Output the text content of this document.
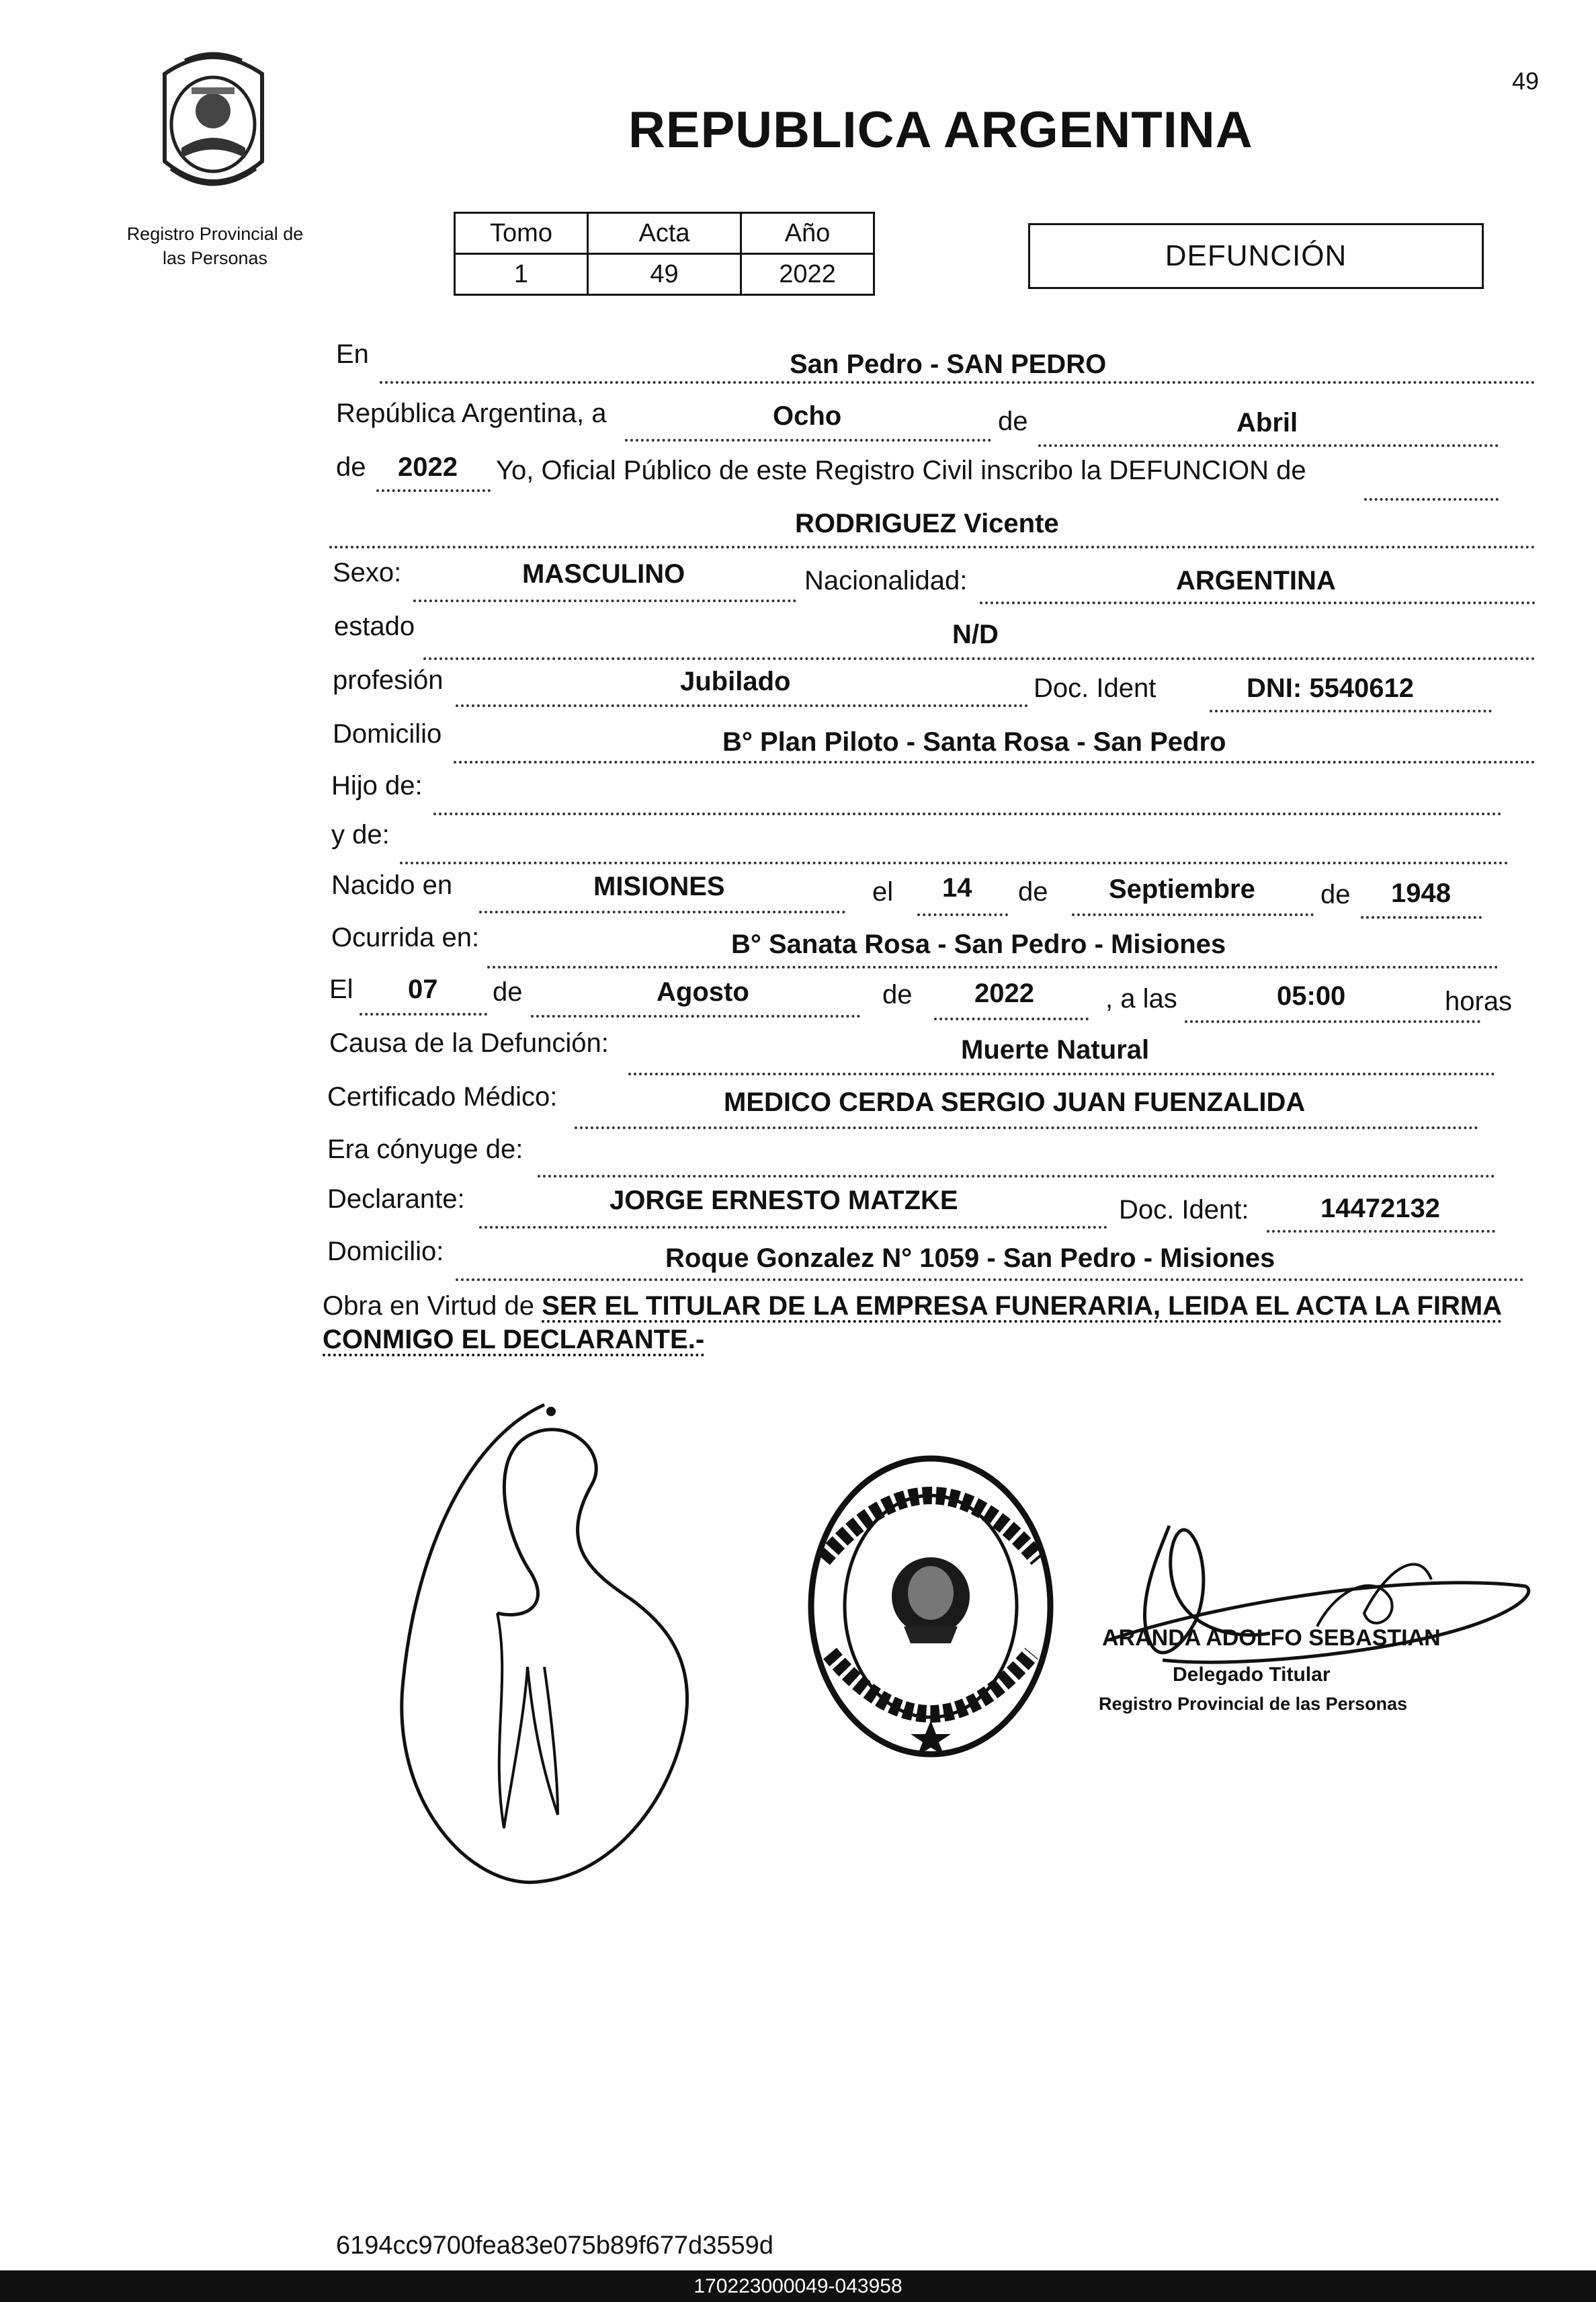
49
REPUBLICA ARGENTINA
Registro Provincial de
las Personas
Tomo	Acta	Año
1	49	2022
DEFUNCIÓN
En	San Pedro - SAN PEDRO
República Argentina, a	Ocho	de	Abril
de 2022 Yo, Oficial Público de este Registro Civil inscribo la DEFUNCION de
RODRIGUEZ Vicente
Sexo:	MASCULINO	Nacionalidad:	ARGENTINA
estado	N/D
profesión	Jubilado	Doc. Ident	DNI: 5540612
Domicilio	B° Plan Piloto - Santa Rosa - San Pedro
Hijo de:
y de:
Nacido en	MISIONES	el 14 de Septiembre de 1948
Ocurrida en:	B° Sanata Rosa - San Pedro - Misiones
El 07 de	Agosto	de 2022	, a las	05:00	horas
Causa de la Defunción:	Muerte Natural
Certificado Médico:	MEDICO CERDA SERGIO JUAN FUENZALIDA
Era cónyuge de:
Declarante:	JORGE ERNESTO MATZKE	Doc. Ident:	14472132
Domicilio:	Roque Gonzalez N° 1059 - San Pedro - Misiones
Obra en Virtud de SER EL TITULAR DE LA EMPRESA FUNERARIA, LEIDA EL ACTA LA FIRMA CONMIGO EL DECLARANTE.-
ARANDA ADOLFO SEBASTIAN
Delegado Titular
Registro Provincial de las Personas
6194cc9700fea83e075b89f677d3559d
170223000049-043958
